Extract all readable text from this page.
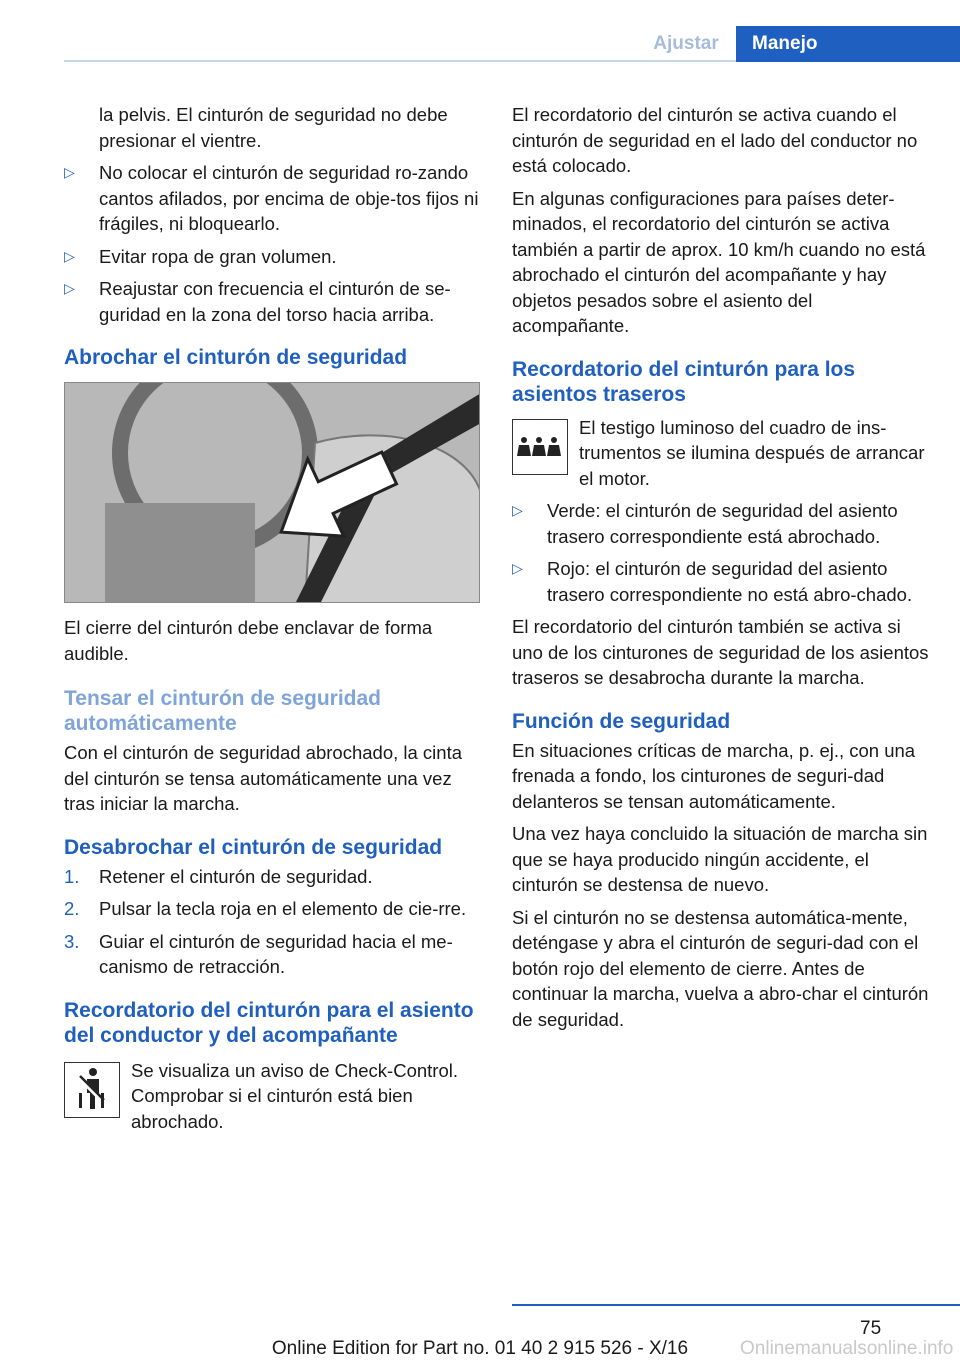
Ajustar	Manejo

la pelvis. El cinturón de seguridad no debe presionar el vientre.

▷ No colocar el cinturón de seguridad ro‐zando cantos afilados, por encima de obje‐tos fijos ni frágiles, ni bloquearlo.
▷ Evitar ropa de gran volumen.
▷ Reajustar con frecuencia el cinturón de se‐guridad en la zona del torso hacia arriba.
Abrochar el cinturón de seguridad

El cierre del cinturón debe enclavar de forma audible.

Tensar el cinturón de seguridad automáticamente

Con el cinturón de seguridad abrochado, la cinta del cinturón se tensa automáticamente una vez tras iniciar la marcha.

Desabrochar el cinturón de seguridad
1. Retener el cinturón de seguridad.
2. Pulsar la tecla roja en el elemento de cie‐rre.
3. Guiar el cinturón de seguridad hacia el me‐canismo de retracción.
Recordatorio del cinturón para el asiento del conductor y del acompañante

Se visualiza un aviso de Check-Control. Comprobar si el cinturón está bien abrochado.

El recordatorio del cinturón se activa cuando el cinturón de seguridad en el lado del conductor no está colocado.

En algunas configuraciones para países deter‐minados, el recordatorio del cinturón se activa también a partir de aprox. 10 km/h cuando no está abrochado el cinturón del acompañante y hay objetos pesados sobre el asiento del acompañante.

Recordatorio del cinturón para los asientos traseros

El testigo luminoso del cuadro de ins‐trumentos se ilumina después de arrancar el motor.

▷ Verde: el cinturón de seguridad del asiento trasero correspondiente está abrochado.
▷ Rojo: el cinturón de seguridad del asiento trasero correspondiente no está abro‐chado.

El recordatorio del cinturón también se activa si uno de los cinturones de seguridad de los asientos traseros se desabrocha durante la marcha.

Función de seguridad

En situaciones críticas de marcha, p. ej., con una frenada a fondo, los cinturones de seguri‐dad delanteros se tensan automáticamente.

Una vez haya concluido la situación de marcha sin que se haya producido ningún accidente, el cinturón se destensa de nuevo.

Si el cinturón no se destensa automática‐mente, deténgase y abra el cinturón de seguri‐dad con el botón rojo del elemento de cierre. Antes de continuar la marcha, vuelva a abro‐char el cinturón de seguridad.

75
Online Edition for Part no. 01 40 2 915 526 - X/16	Onlinemanualsonline.info
